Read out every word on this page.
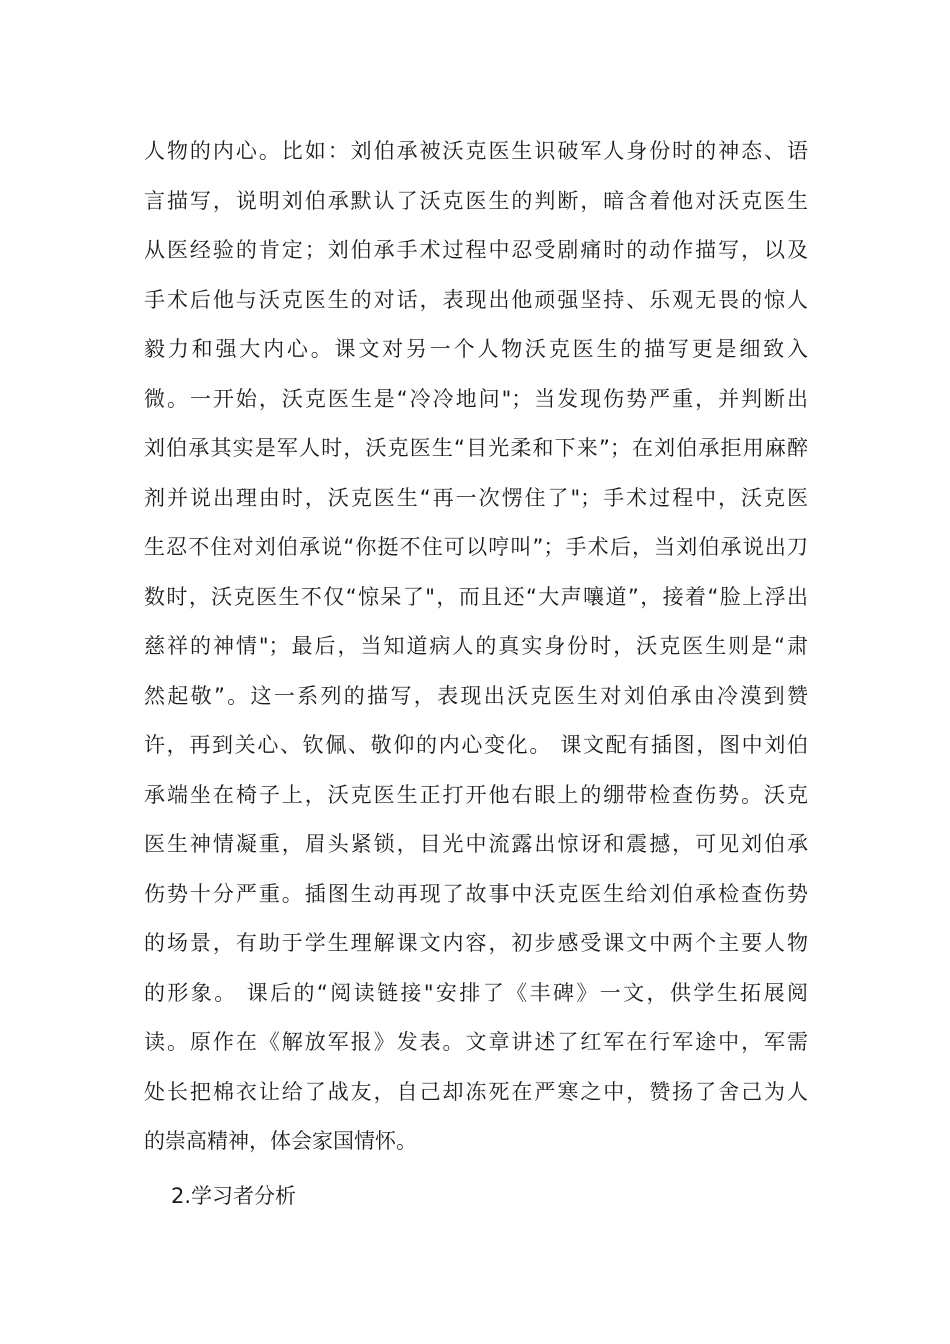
人物的内心。比如：刘伯承被沃克医生识破军人身份时的神态、语
言描写，说明刘伯承默认了沃克医生的判断，暗含着他对沃克医生
从医经验的肯定；刘伯承手术过程中忍受剧痛时的动作描写，以及
手术后他与沃克医生的对话，表现出他顽强坚持、乐观无畏的惊人
毅力和强大内心。课文对另一个人物沃克医生的描写更是细致入
微。一开始，沃克医生是“冷冷地问"；当发现伤势严重，并判断出
刘伯承其实是军人时，沃克医生“目光柔和下来”；在刘伯承拒用麻醉
剂并说出理由时，沃克医生“再一次愣住了"；手术过程中，沃克医
生忍不住对刘伯承说“你挺不住可以哼叫”；手术后，当刘伯承说出刀
数时，沃克医生不仅“惊呆了"，而且还“大声嚷道”，接着“脸上浮出
慈祥的神情"；最后，当知道病人的真实身份时，沃克医生则是“肃
然起敬”。这一系列的描写，表现出沃克医生对刘伯承由冷漠到赞
许，再到关心、钦佩、敬仰的内心变化。 课文配有插图，图中刘伯
承端坐在椅子上，沃克医生正打开他右眼上的绷带检查伤势。沃克
医生神情凝重，眉头紧锁，目光中流露出惊讶和震撼，可见刘伯承
伤势十分严重。插图生动再现了故事中沃克医生给刘伯承检查伤势
的场景，有助于学生理解课文内容，初步感受课文中两个主要人物
的形象。 课后的“阅读链接"安排了《丰碑》一文，供学生拓展阅
读。原作在《解放军报》发表。文章讲述了红军在行军途中，军需
处长把棉衣让给了战友，自己却冻死在严寒之中，赞扬了舍己为人
的崇高精神，体会家国情怀。
2.学习者分析
